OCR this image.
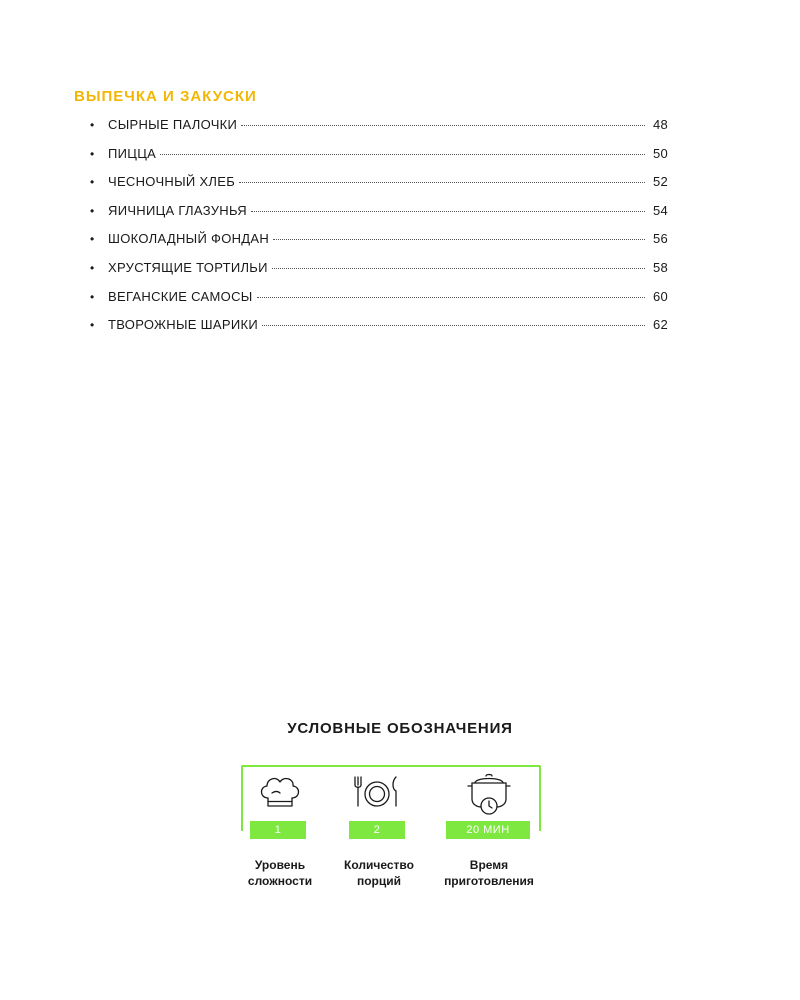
ВЫПЕЧКА И ЗАКУСКИ
•	СЫРНЫЕ ПАЛОЧКИ	48
•	ПИЦЦА	50
•	ЧЕСНОЧНЫЙ ХЛЕБ	52
•	ЯИЧНИЦА ГЛАЗУНЬЯ	54
•	ШОКОЛАДНЫЙ ФОНДАН	56
•	ХРУСТЯЩИЕ ТОРТИЛЬИ	58
•	ВЕГАНСКИЕ САМОСЫ	60
•	ТВОРОЖНЫЕ ШАРИКИ	62
УСЛОВНЫЕ ОБОЗНАЧЕНИЯ
1	2	20 МИН
Уровень
сложности
Количество
порций
Время
приготовления
